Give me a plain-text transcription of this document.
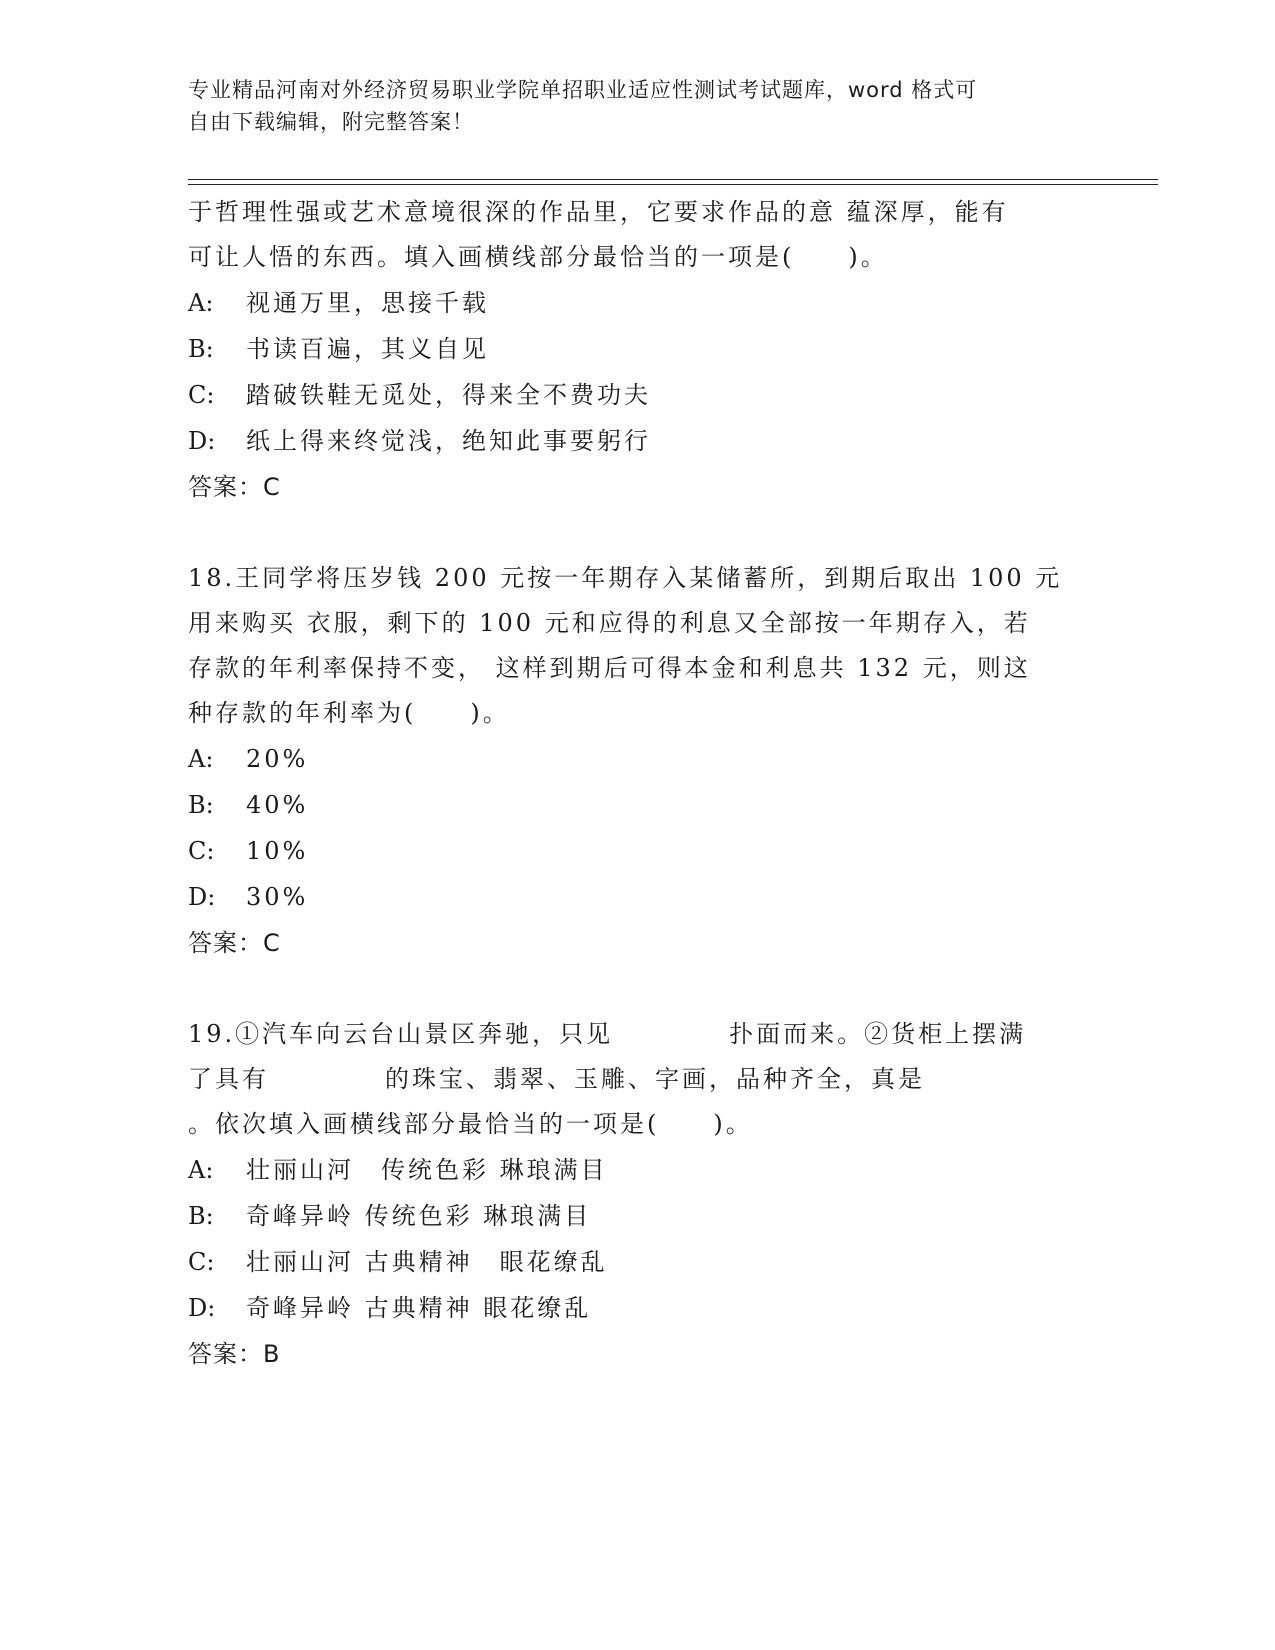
专业精品河南对外经济贸易职业学院单招职业适应性测试考试题库，word 格式可
自由下载编辑，附完整答案！
于哲理性强或艺术意境很深的作品里，它要求作品的意 蕴深厚，能有
可让人悟的东西。填入画横线部分最恰当的一项是(　　)。
A: 视通万里，思接千载
B: 书读百遍，其义自见
C: 踏破铁鞋无觅处，得来全不费功夫
D: 纸上得来终觉浅，绝知此事要躬行
答案：C
18.王同学将压岁钱 200 元按一年期存入某储蓄所，到期后取出 100 元
用来购买 衣服，剩下的 100 元和应得的利息又全部按一年期存入，若
存款的年利率保持不变， 这样到期后可得本金和利息共 132 元，则这
种存款的年利率为(　　)。
A: 20%
B: 40%
C: 10%
D: 30%
答案：C
19.①汽车向云台山景区奔驰，只见	扑面而来。②货柜上摆满
了具有	的珠宝、翡翠、玉雕、字画，品种齐全，真是
。依次填入画横线部分最恰当的一项是(　　)。
A: 壮丽山河　传统色彩 琳琅满目
B: 奇峰异岭 传统色彩 琳琅满目
C: 壮丽山河 古典精神　眼花缭乱
D: 奇峰异岭 古典精神 眼花缭乱
答案：B
